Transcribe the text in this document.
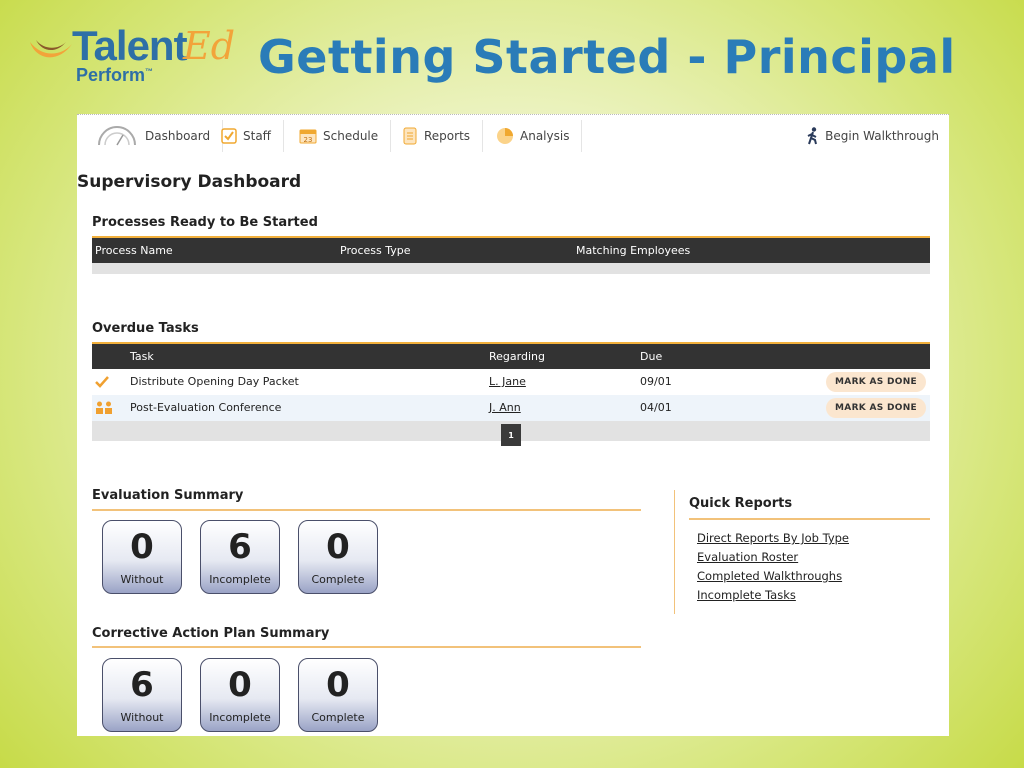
Talent
Ed
Perform™ Getting Started - Principal
Dashboard	Staff	23 Schedule	Reports	Analysis	Begin Walkthrough
Supervisory Dashboard
Processes Ready to Be Started
Process Name	Process Type	Matching Employees
Overdue Tasks
Task	Regarding	Due
Distribute Opening Day Packet	L. Jane	09/01	MARK AS DONE
Post-Evaluation Conference	J. Ann	04/01	MARK AS DONE
1
Evaluation Summary
0
Without
6
Incomplete
0
Complete
Quick Reports
Direct Reports By Job Type
Evaluation Roster
Completed Walkthroughs
Incomplete Tasks
Corrective Action Plan Summary
6
Without
0
Incomplete
0
Complete
